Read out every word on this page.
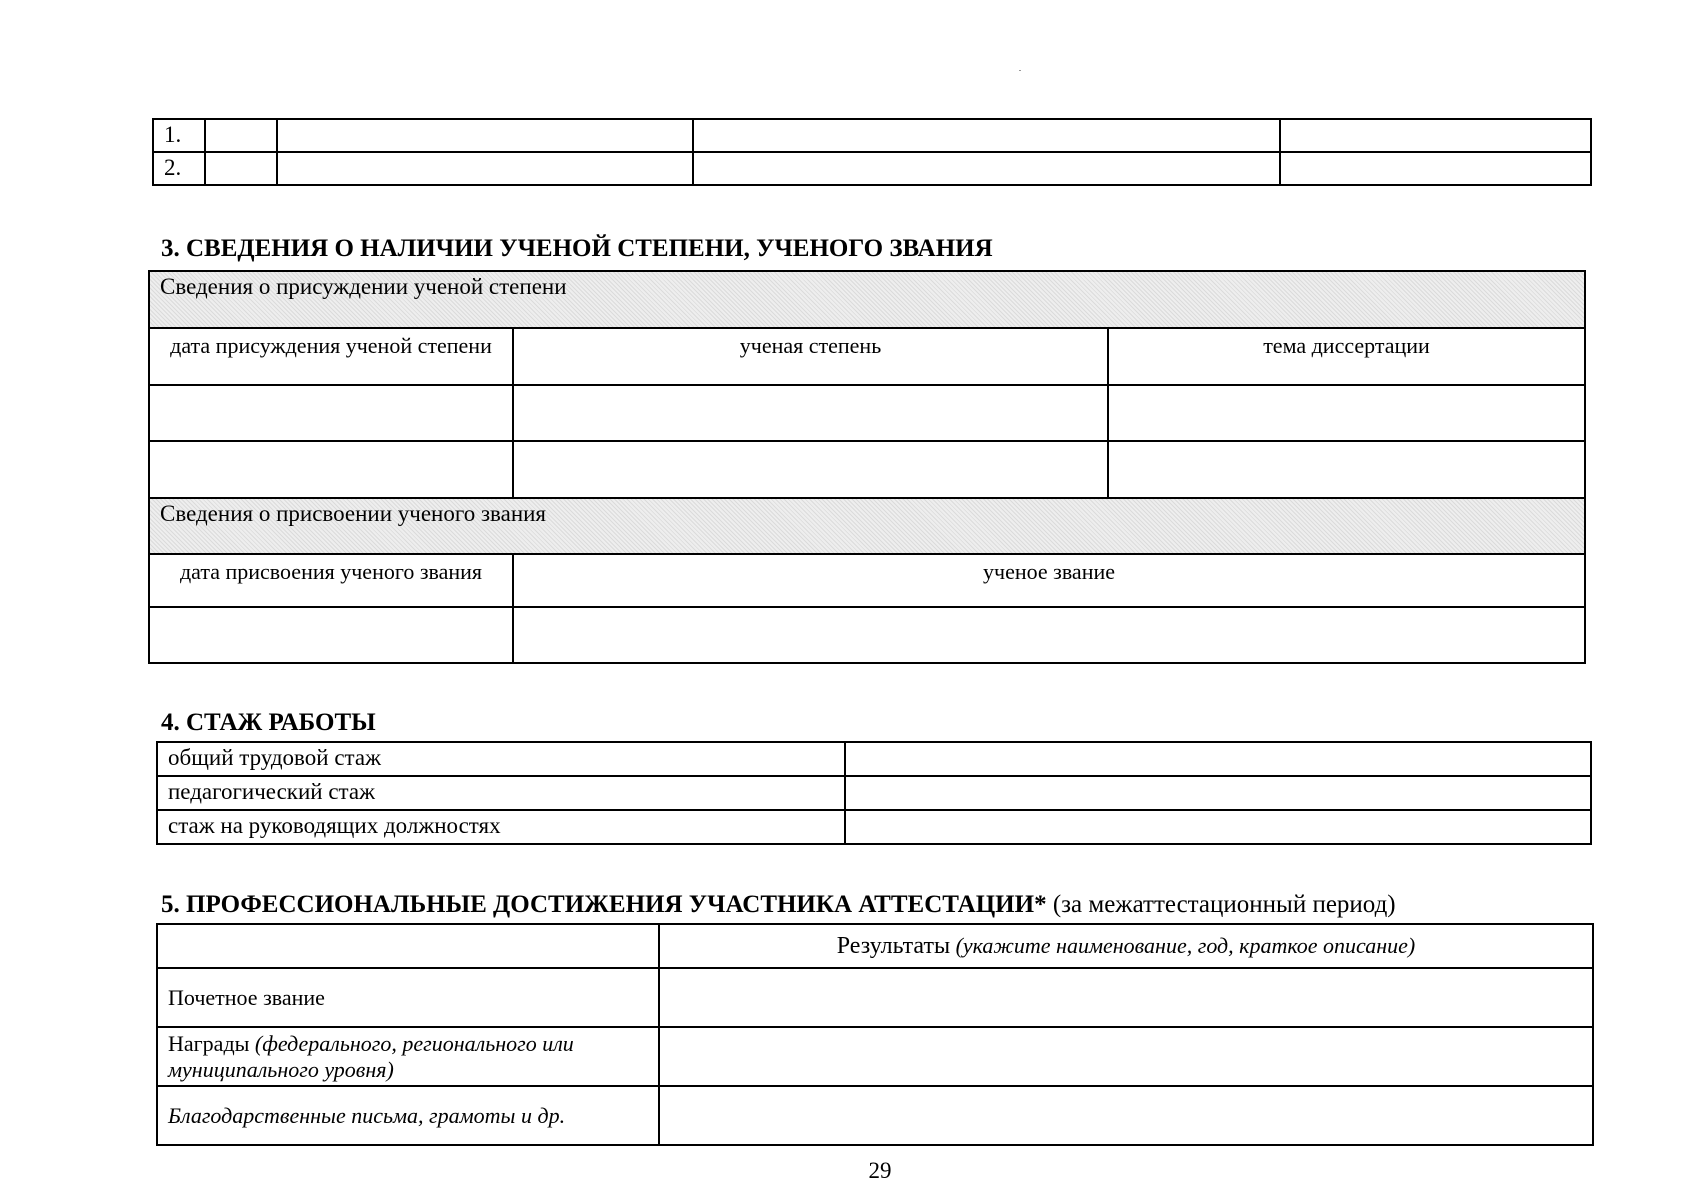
1.				
2.				
3. СВЕДЕНИЯ О НАЛИЧИИ УЧЕНОЙ СТЕПЕНИ, УЧЕНОГО ЗВАНИЯ
Сведения о присуждении ученой степени		
дата присуждения ученой степени	ученая степень	тема диссертации

Сведения о присвоении ученого звания		
дата присвоения ученого звания	ученое звание	

4. СТАЖ РАБОТЫ
общий трудовой стаж	
педагогический стаж	
стаж на руководящих должностях	
5. ПРОФЕССИОНАЛЬНЫЕ ДОСТИЖЕНИЯ УЧАСТНИКА АТТЕСТАЦИИ* (за межаттестационный период)
	Результаты (укажите наименование, год, краткое описание)
Почетное звание	
Награды (федерального, регионального или муниципального уровня)	
Благодарственные письма, грамоты и др.	
29
